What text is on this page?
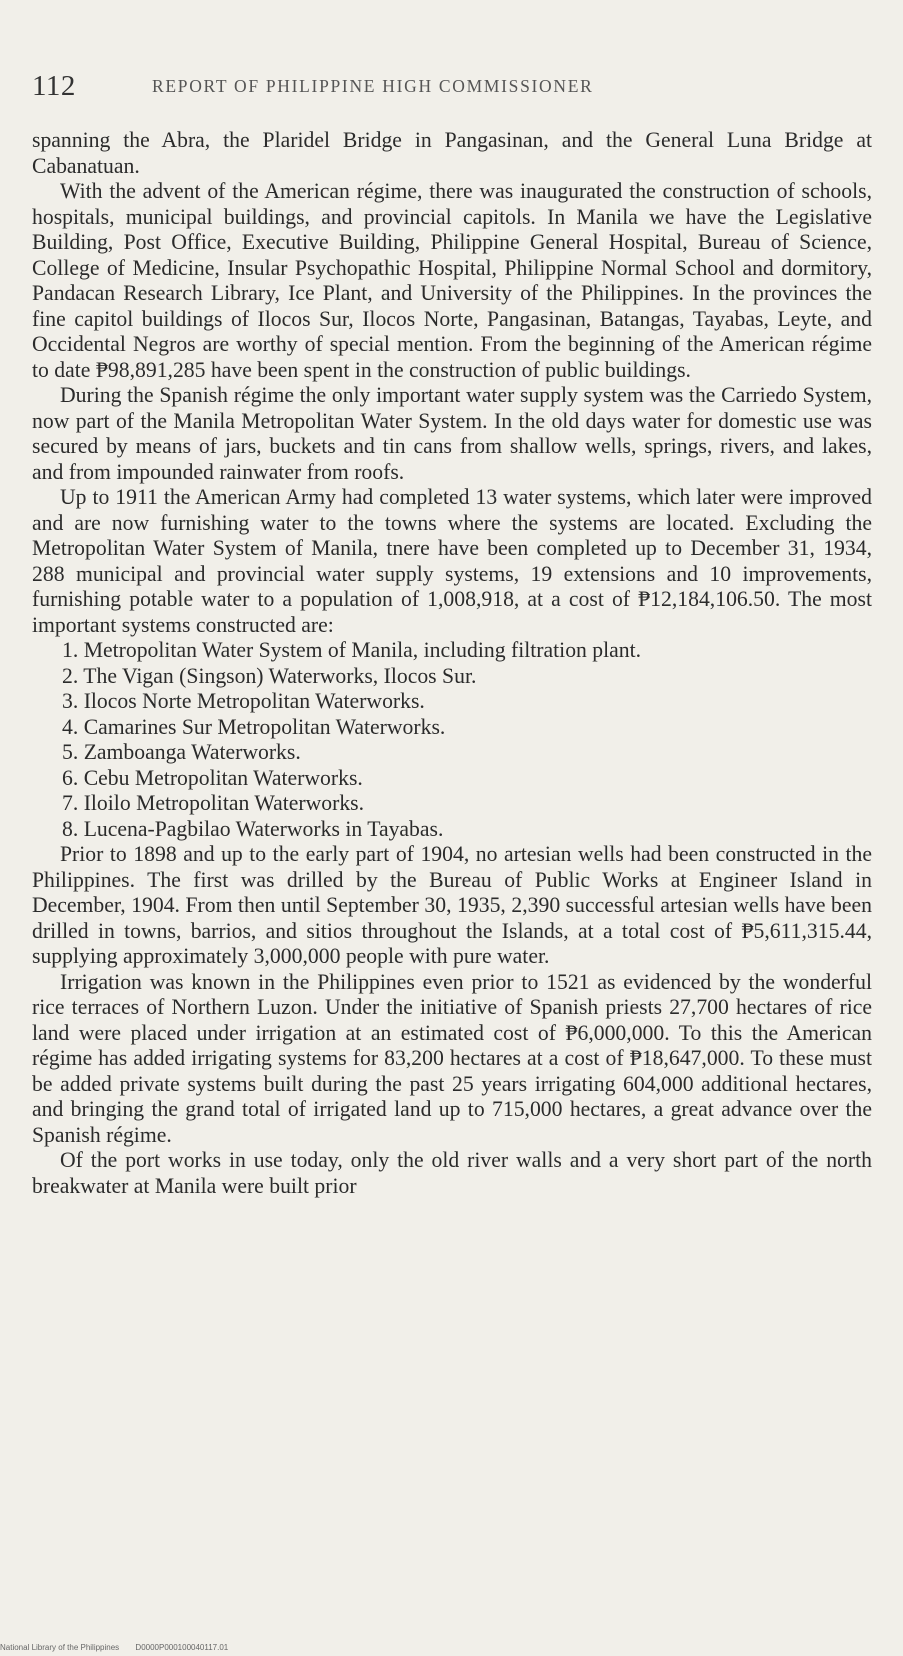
112	REPORT OF PHILIPPINE HIGH COMMISSIONER

spanning the Abra, the Plaridel Bridge in Pangasinan, and the General Luna Bridge at Cabanatuan.

With the advent of the American régime, there was inaugurated the construction of schools, hospitals, municipal buildings, and provincial capitols. In Manila we have the Legislative Building, Post Office, Executive Building, Philippine General Hospital, Bureau of Science, College of Medicine, Insular Psychopathic Hospital, Philippine Normal School and dormitory, Pandacan Research Library, Ice Plant, and University of the Philippines. In the provinces the fine capitol buildings of Ilocos Sur, Ilocos Norte, Pangasinan, Batangas, Tayabas, Leyte, and Occidental Negros are worthy of special mention. From the beginning of the American régime to date ₱98,891,285 have been spent in the construction of public buildings.

During the Spanish régime the only important water supply system was the Carriedo System, now part of the Manila Metropolitan Water System. In the old days water for domestic use was secured by means of jars, buckets and tin cans from shallow wells, springs, rivers, and lakes, and from impounded rainwater from roofs.

Up to 1911 the American Army had completed 13 water systems, which later were improved and are now furnishing water to the towns where the systems are located. Excluding the Metropolitan Water System of Manila, tnere have been completed up to December 31, 1934, 288 municipal and provincial water supply systems, 19 extensions and 10 improvements, furnishing potable water to a population of 1,008,918, at a cost of ₱12,184,106.50. The most important systems constructed are:

1. Metropolitan Water System of Manila, including filtration plant.

2. The Vigan (Singson) Waterworks, Ilocos Sur.

3. Ilocos Norte Metropolitan Waterworks.

4. Camarines Sur Metropolitan Waterworks.

5. Zamboanga Waterworks.

6. Cebu Metropolitan Waterworks.

7. Iloilo Metropolitan Waterworks.

8. Lucena-Pagbilao Waterworks in Tayabas.

Prior to 1898 and up to the early part of 1904, no artesian wells had been constructed in the Philippines. The first was drilled by the Bureau of Public Works at Engineer Island in December, 1904. From then until September 30, 1935, 2,390 successful artesian wells have been drilled in towns, barrios, and sitios throughout the Islands, at a total cost of ₱5,611,315.44, supplying approximately 3,000,000 people with pure water.

Irrigation was known in the Philippines even prior to 1521 as evidenced by the wonderful rice terraces of Northern Luzon. Under the initiative of Spanish priests 27,700 hectares of rice land were placed under irrigation at an estimated cost of ₱6,000,000. To this the American régime has added irrigating systems for 83,200 hectares at a cost of ₱18,647,000. To these must be added private systems built during the past 25 years irrigating 604,000 additional hectares, and bringing the grand total of irrigated land up to 715,000 hectares, a great advance over the Spanish régime.

Of the port works in use today, only the old river walls and a very short part of the north breakwater at Manila were built prior

National Library of the Philippines D0000P000100040117.01
